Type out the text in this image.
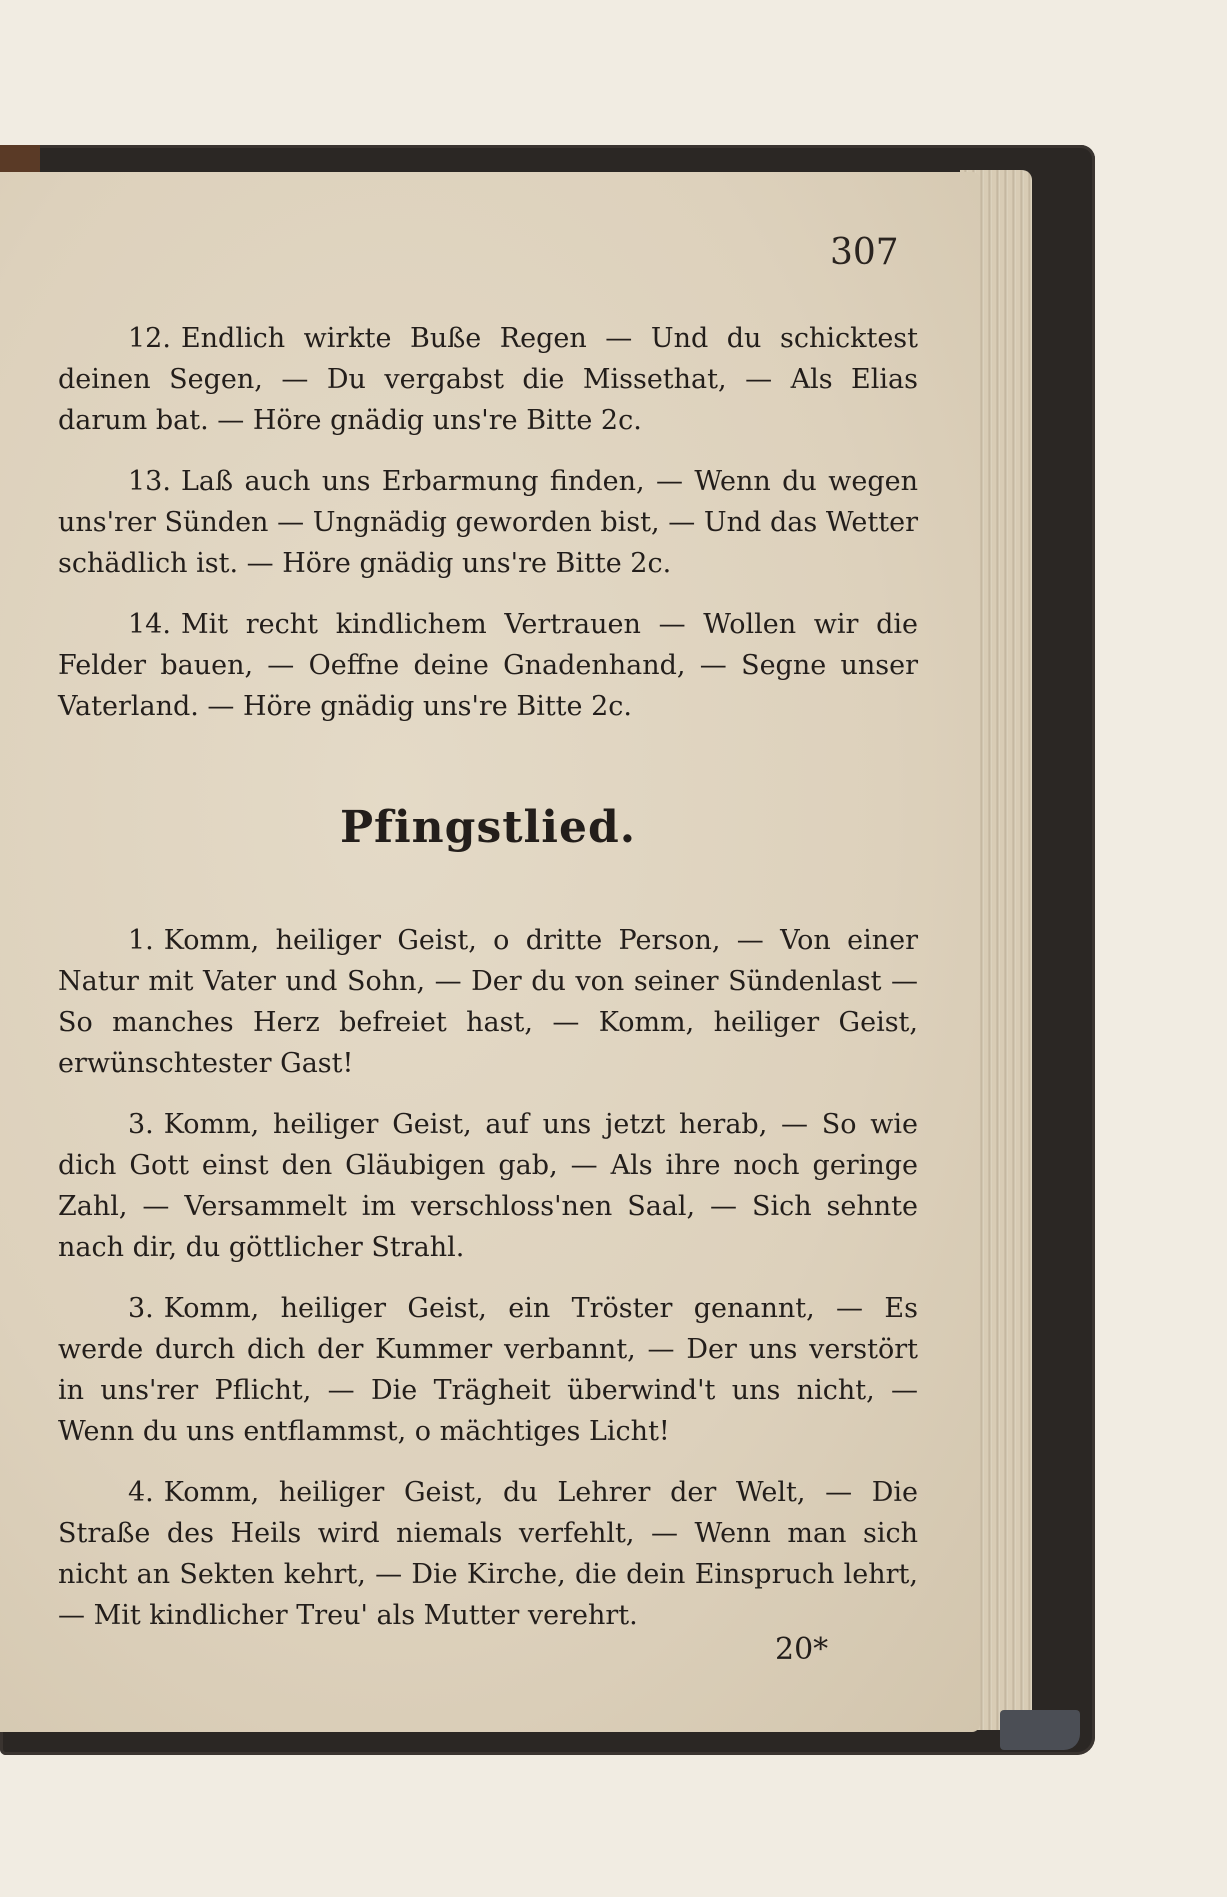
307

12. Endlich wirkte Buße Regen — Und du schicktest deinen Segen, — Du vergabst die Missethat, — Als Elias darum bat. — Höre gnädig uns're Bitte 2c.

13. Laß auch uns Erbarmung finden, — Wenn du wegen uns'rer Sünden — Ungnädig geworden bist, — Und das Wetter schädlich ist. — Höre gnädig uns're Bitte 2c.

14. Mit recht kindlichem Vertrauen — Wollen wir die Felder bauen, — Oeffne deine Gnadenhand, — Segne unser Vaterland. — Höre gnädig uns're Bitte 2c.

Pfingstlied.

1. Komm, heiliger Geist, o dritte Person, — Von einer Natur mit Vater und Sohn, — Der du von seiner Sündenlast — So manches Herz befreiet hast, — Komm, heiliger Geist, erwünschtester Gast!

3. Komm, heiliger Geist, auf uns jetzt herab, — So wie dich Gott einst den Gläubigen gab, — Als ihre noch geringe Zahl, — Versammelt im verschloss'nen Saal, — Sich sehnte nach dir, du göttlicher Strahl.

3. Komm, heiliger Geist, ein Tröster genannt, — Es werde durch dich der Kummer verbannt, — Der uns verstört in uns'rer Pflicht, — Die Trägheit überwind't uns nicht, — Wenn du uns entflammst, o mächtiges Licht!

4. Komm, heiliger Geist, du Lehrer der Welt, — Die Straße des Heils wird niemals verfehlt, — Wenn man sich nicht an Sekten kehrt, — Die Kirche, die dein Einspruch lehrt, — Mit kindlicher Treu' als Mutter verehrt.

20*
